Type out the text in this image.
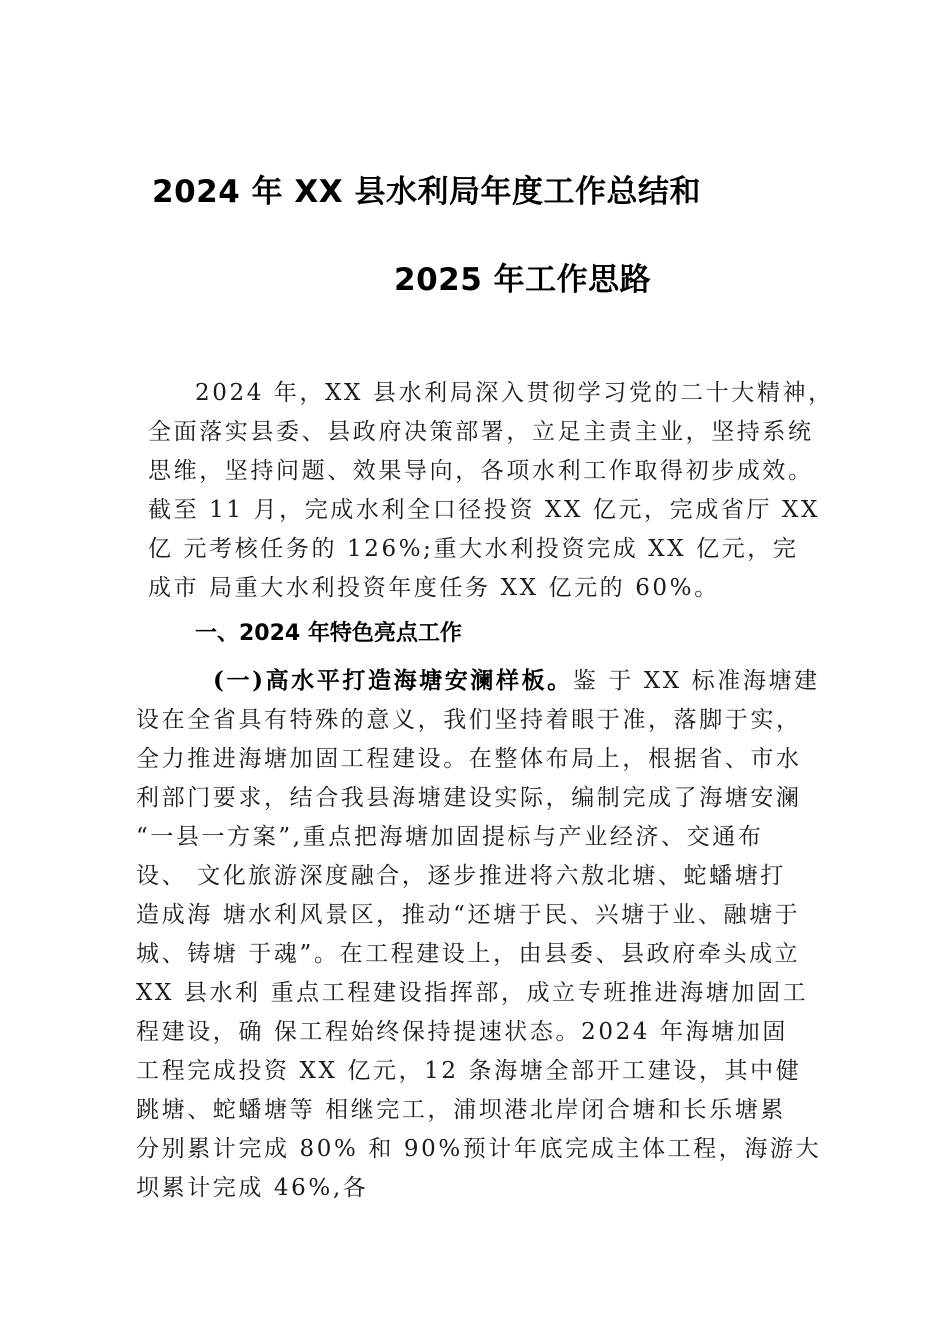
2024 年 XX 县水利局年度工作总结和
2025 年工作思路
2024 年，XX 县水利局深入贯彻学习党的二十大精神，
全面落实县委、县政府决策部署，立足主责主业，坚持系统
思维，坚持问题、效果导向，各项水利工作取得初步成效。
截至 11 月，完成水利全口径投资 XX 亿元，完成省厅 XX
亿 元考核任务的 126%;重大水利投资完成 XX 亿元，完
成市 局重大水利投资年度任务 XX 亿元的 60%。
一、2024 年特色亮点工作
(一)高水平打造海塘安澜样板。鉴 于 XX 标准海塘建
设在全省具有特殊的意义，我们坚持着眼于准，落脚于实，
全力推进海塘加固工程建设。在整体布局上，根据省、市水
利部门要求，结合我县海塘建设实际，编制完成了海塘安澜
“一县一方案”,重点把海塘加固提标与产业经济、交通布
设、 文化旅游深度融合，逐步推进将六敖北塘、蛇蟠塘打
造成海 塘水利风景区，推动“还塘于民、兴塘于业、融塘于
城、铸塘 于魂”。在工程建设上，由县委、县政府牵头成立
XX 县水利 重点工程建设指挥部，成立专班推进海塘加固工
程建设，确 保工程始终保持提速状态。2024 年海塘加固
工程完成投资 XX 亿元，12 条海塘全部开工建设，其中健
跳塘、蛇蟠塘等 相继完工，浦坝港北岸闭合塘和长乐塘累
分别累计完成 80% 和 90%预计年底完成主体工程，海游大
坝累计完成 46%,各
